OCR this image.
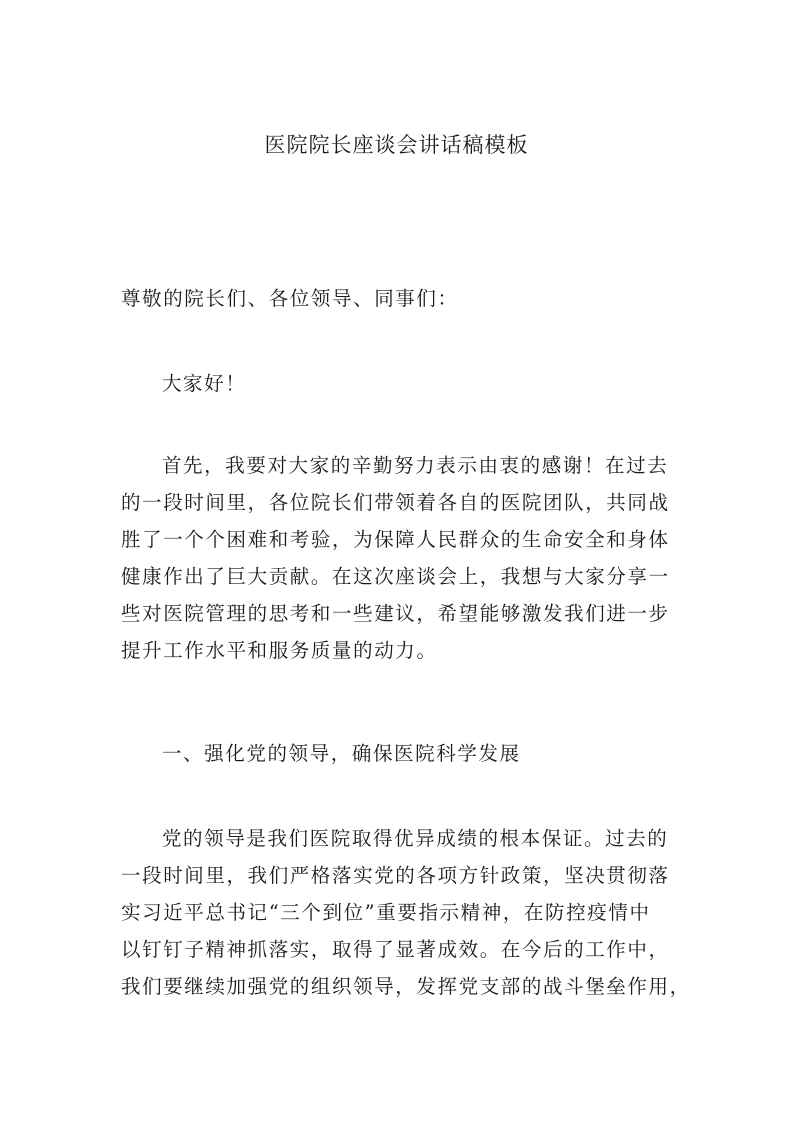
医院院长座谈会讲话稿模板

尊敬的院长们、各位领导、同事们：

大家好！

首先，我要对大家的辛勤努力表示由衷的感谢！在过去
的一段时间里，各位院长们带领着各自的医院团队，共同战
胜了一个个困难和考验，为保障人民群众的生命安全和身体
健康作出了巨大贡献。在这次座谈会上，我想与大家分享一
些对医院管理的思考和一些建议，希望能够激发我们进一步
提升工作水平和服务质量的动力。

一、强化党的领导，确保医院科学发展

党的领导是我们医院取得优异成绩的根本保证。过去的
一段时间里，我们严格落实党的各项方针政策，坚决贯彻落
实习近平总书记“三个到位”重要指示精神，在防控疫情中
以钉钉子精神抓落实，取得了显著成效。在今后的工作中，
我们要继续加强党的组织领导，发挥党支部的战斗堡垒作用，
